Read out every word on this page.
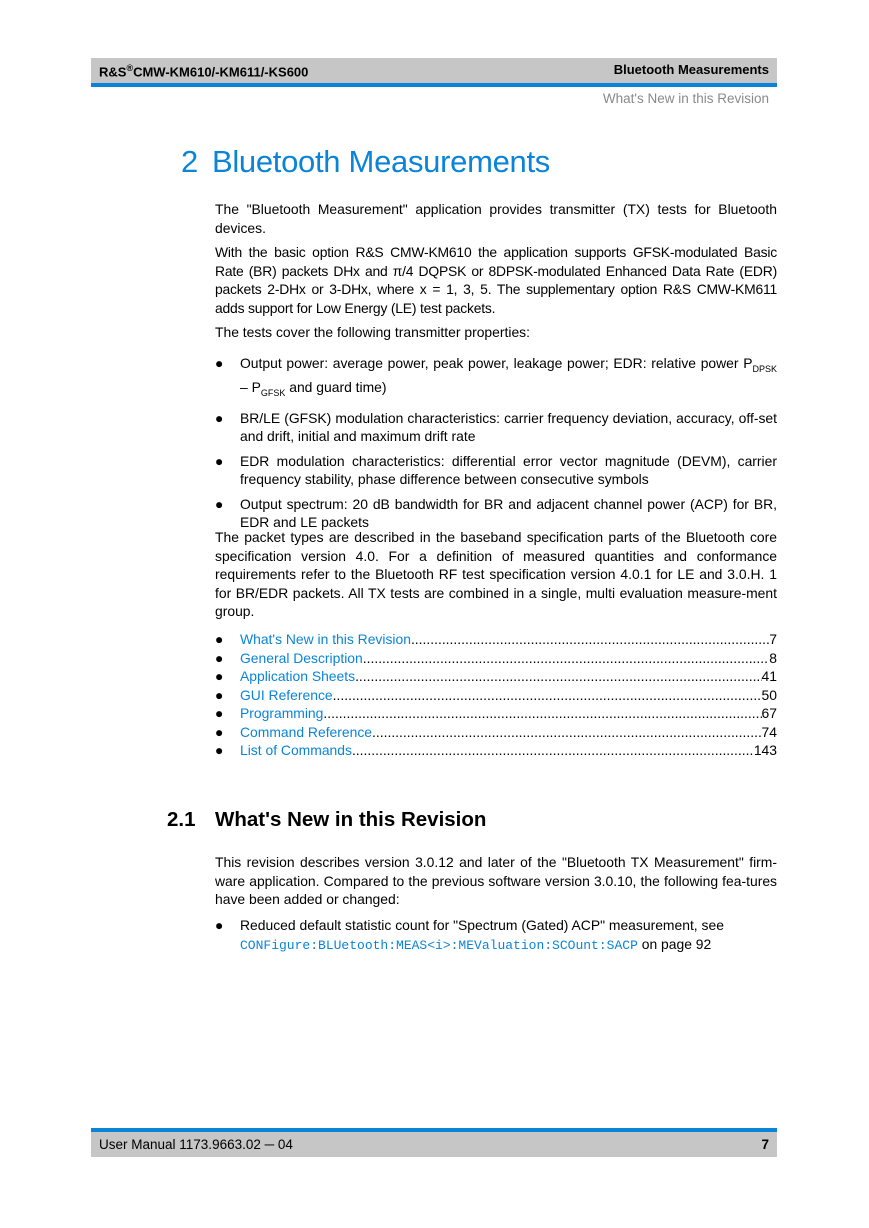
R&S®CMW-KM610/-KM611/-KS600	Bluetooth Measurements
What's New in this Revision
2 Bluetooth Measurements

The "Bluetooth Measurement" application provides transmitter (TX) tests for Bluetooth devices.

With the basic option R&S CMW-KM610 the application supports GFSK-modulated Basic Rate (BR) packets DHx and π/4 DQPSK or 8DPSK-modulated Enhanced Data Rate (EDR) packets 2-DHx or 3-DHx, where x = 1, 3, 5. The supplementary option R&S CMW-KM611 adds support for Low Energy (LE) test packets.

The tests cover the following transmitter properties:

● Output power: average power, peak power, leakage power; EDR: relative power $P_{DPSK} - P_{GFSK}$ and guard time)
● BR/LE (GFSK) modulation characteristics: carrier frequency deviation, accuracy, off-set and drift, initial and maximum drift rate
● EDR modulation characteristics: differential error vector magnitude (DEVM), carrier frequency stability, phase difference between consecutive symbols
● Output spectrum: 20 dB bandwidth for BR and adjacent channel power (ACP) for BR, EDR and LE packets

The packet types are described in the baseband specification parts of the Bluetooth core specification version 4.0. For a definition of measured quantities and conformance requirements refer to the Bluetooth RF test specification version 4.0.1 for LE and 3.0.H. 1 for BR/EDR packets. All TX tests are combined in a single, multi evaluation measure-ment group.

● What's New in this Revision .....	7
● General Description .....	8
● Application Sheets .....	41
● GUI Reference .....	50
● Programming .....	67
● Command Reference .....	74
● List of Commands .....	143
2.1 What's New in this Revision

This revision describes version 3.0.12 and later of the "Bluetooth TX Measurement" firm-ware application. Compared to the previous software version 3.0.10, the following fea-tures have been added or changed:

● Reduced default statistic count for "Spectrum (Gated) ACP" measurement, see
CONFigure:BLUetooth:MEAS<i>:MEValuation:SCOunt:SACP on page 92
User Manual 1173.9663.02 ─ 04	7
